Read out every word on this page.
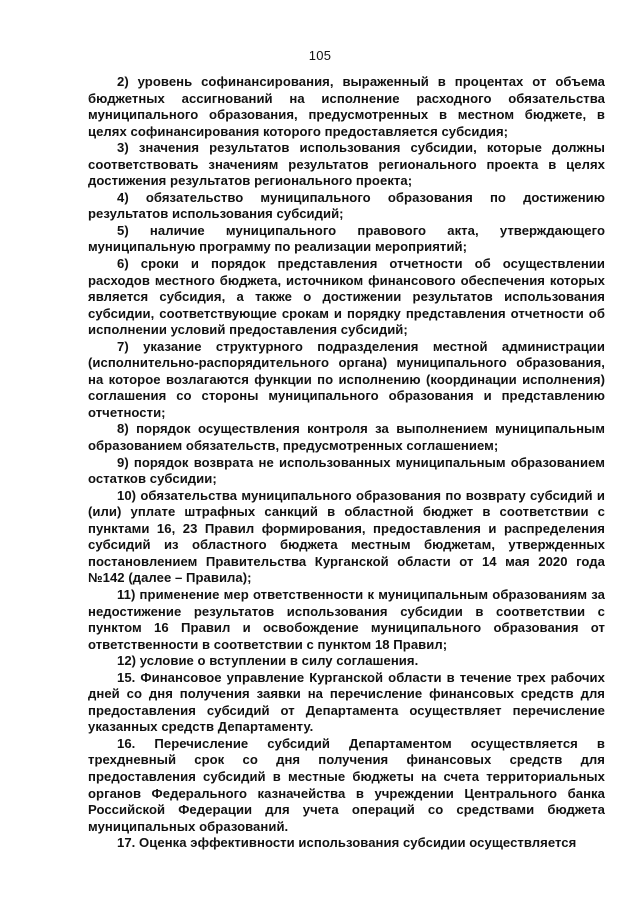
105

2) уровень софинансирования, выраженный в процентах от объема бюджетных ассигнований на исполнение расходного обязательства муниципального образования, предусмотренных в местном бюджете, в целях софинансирования которого предоставляется субсидия;

3) значения результатов использования субсидии, которые должны соответствовать значениям результатов регионального проекта в целях достижения результатов регионального проекта;

4) обязательство муниципального образования по достижению результатов использования субсидий;

5) наличие муниципального правового акта, утверждающего муниципальную программу по реализации мероприятий;

6) сроки и порядок представления отчетности об осуществлении расходов местного бюджета, источником финансового обеспечения которых является субсидия, а также о достижении результатов использования субсидии, соответствующие срокам и порядку представления отчетности об исполнении условий предоставления субсидий;

7) указание структурного подразделения местной администрации (исполнительно-распорядительного органа) муниципального образования, на которое возлагаются функции по исполнению (координации исполнения) соглашения со стороны муниципального образования и представлению отчетности;

8) порядок осуществления контроля за выполнением муниципальным образованием обязательств, предусмотренных соглашением;

9) порядок возврата не использованных муниципальным образованием остатков субсидии;

10) обязательства муниципального образования по возврату субсидий и (или) уплате штрафных санкций в областной бюджет в соответствии с пунктами 16, 23 Правил формирования, предоставления и распределения субсидий из областного бюджета местным бюджетам, утвержденных постановлением Правительства Курганской области от 14 мая 2020 года №142 (далее – Правила);

11) применение мер ответственности к муниципальным образованиям за недостижение результатов использования субсидии в соответствии с пунктом 16 Правил и освобождение муниципального образования от ответственности в соответствии с пунктом 18 Правил;

12) условие о вступлении в силу соглашения.

15. Финансовое управление Курганской области в течение трех рабочих дней со дня получения заявки на перечисление финансовых средств для предоставления субсидий от Департамента осуществляет перечисление указанных средств Департаменту.

16. Перечисление субсидий Департаментом осуществляется в трехдневный срок со дня получения финансовых средств для предоставления субсидий в местные бюджеты на счета территориальных органов Федерального казначейства в учреждении Центрального банка Российской Федерации для учета операций со средствами бюджета муниципальных образований.

17. Оценка эффективности использования субсидии осуществляется
